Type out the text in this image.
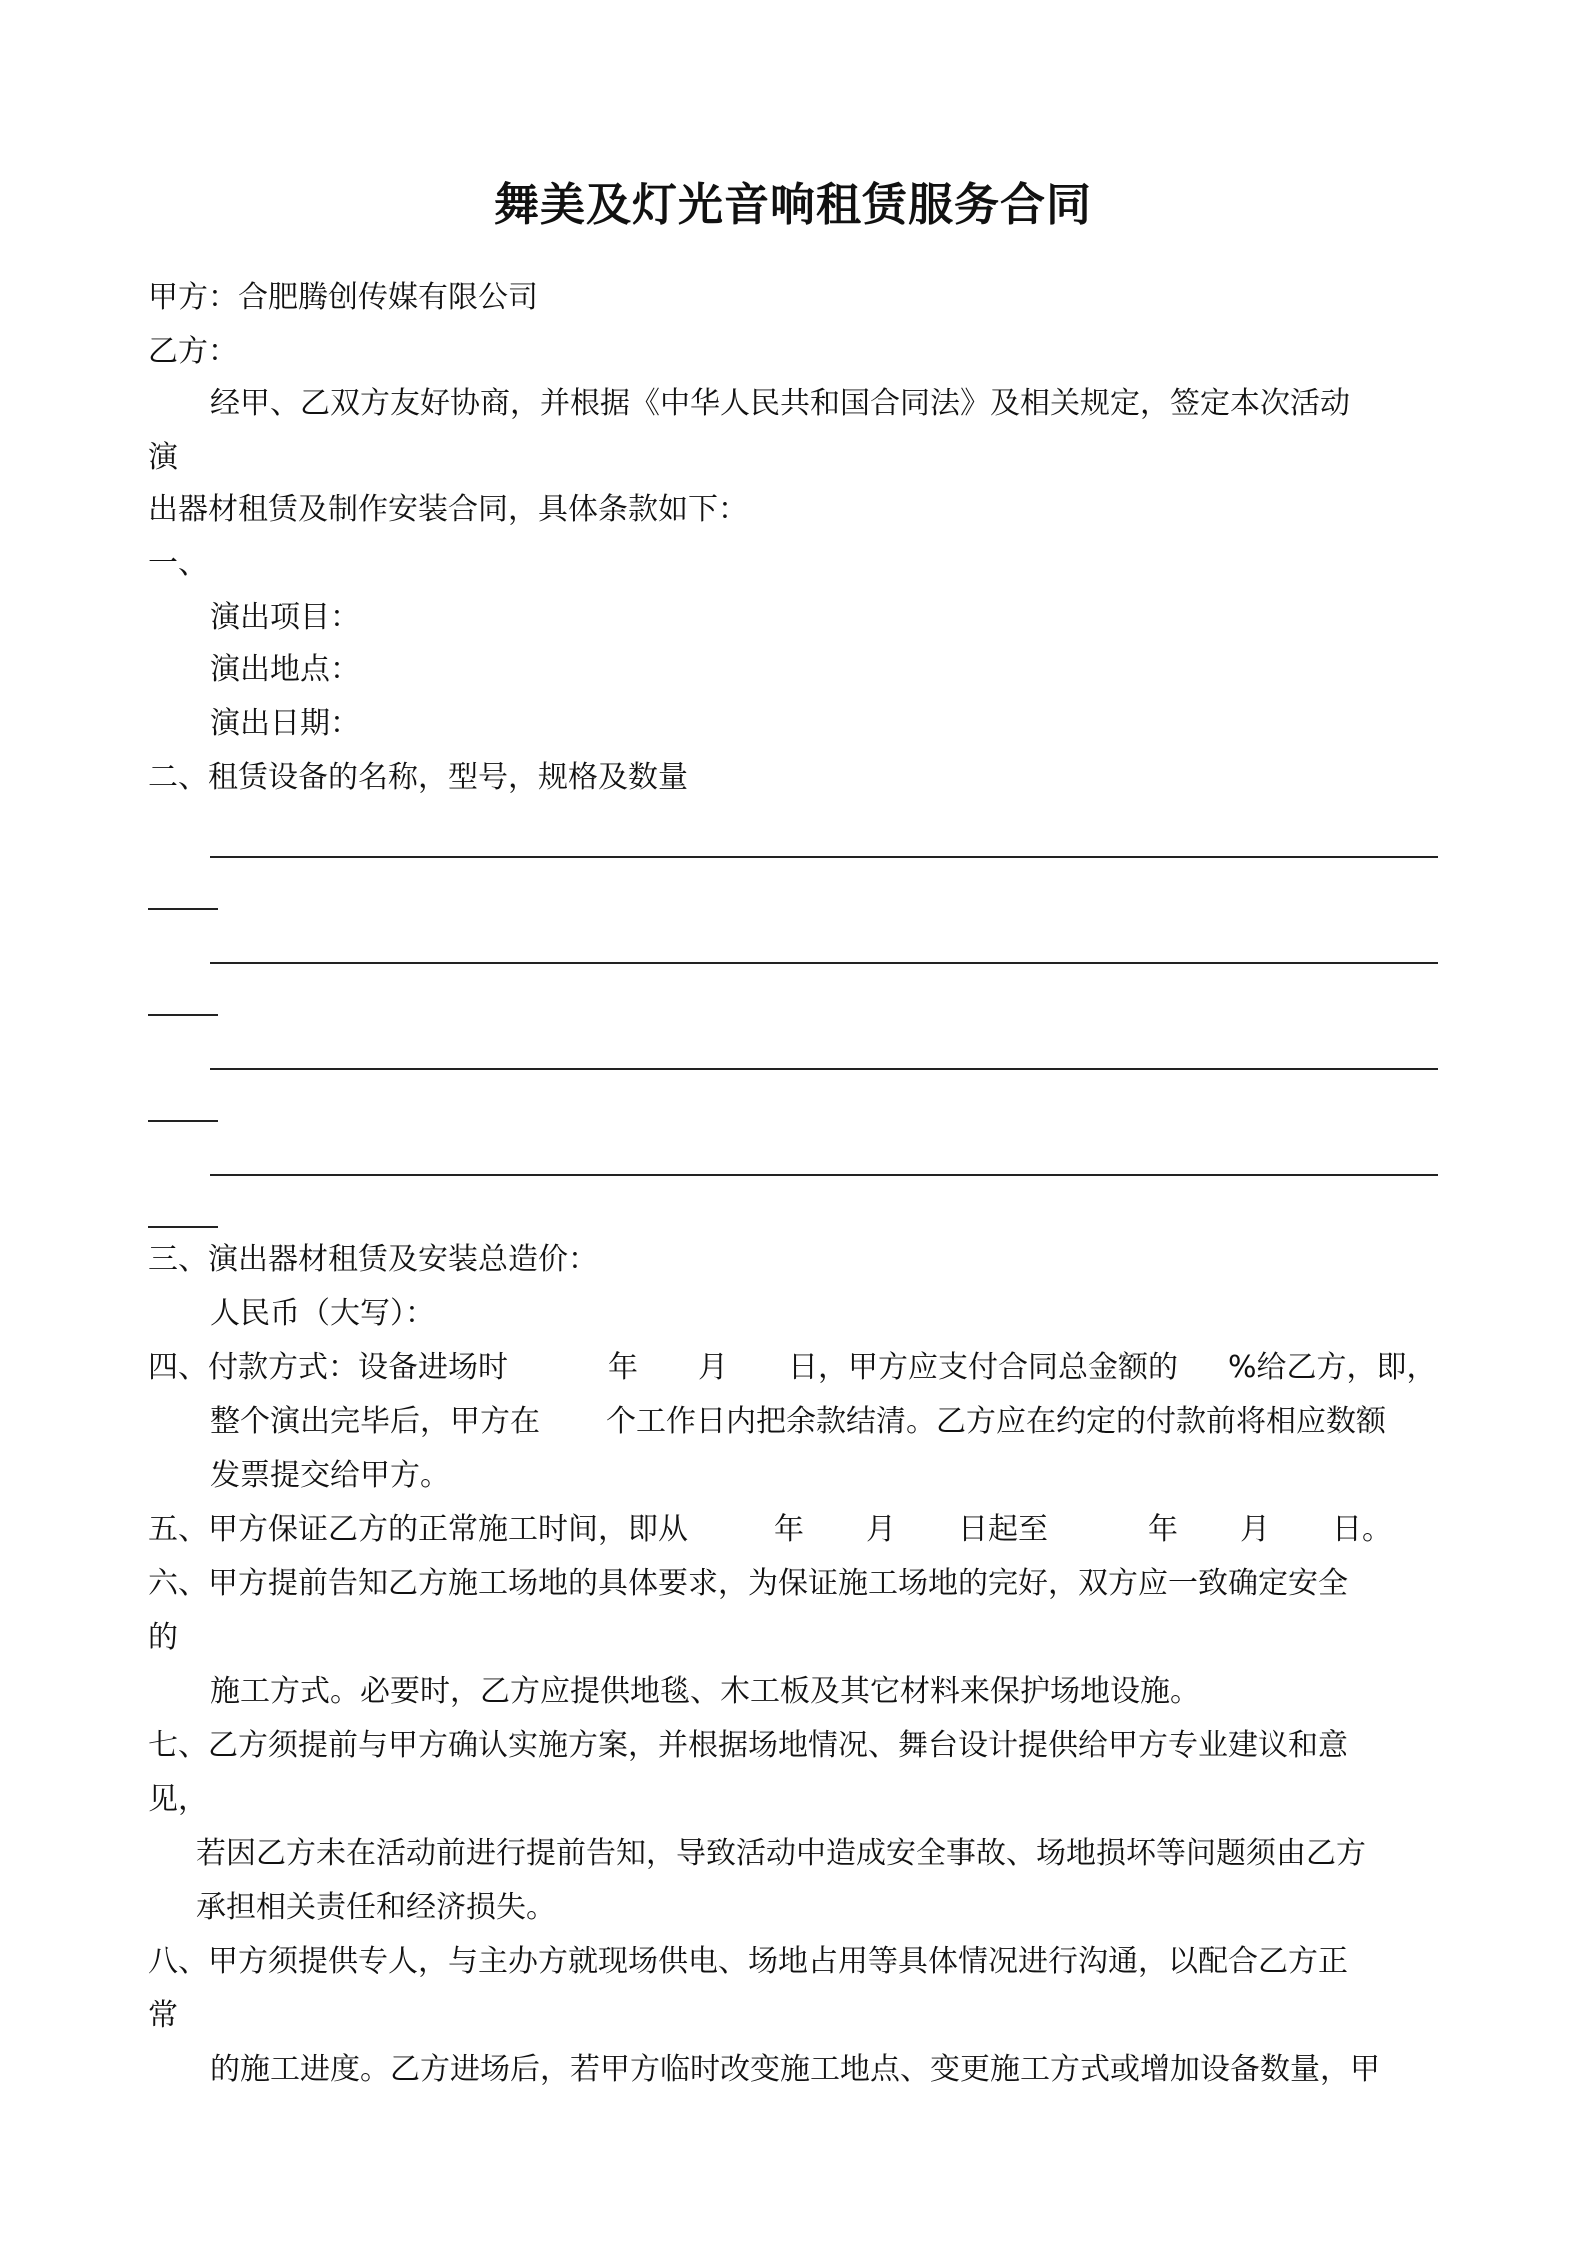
舞美及灯光音响租赁服务合同
甲方：合肥腾创传媒有限公司
乙方：
经甲、乙双方友好协商，并根据《中华人民共和国合同法》及相关规定，签定本次活动
演
出器材租赁及制作安装合同，具体条款如下：
一、
演出项目：
演出地点：
演出日期：
二、租赁设备的名称，型号，规格及数量
三、演出器材租赁及安装总造价：
人民币（大写）：
四、付款方式：设备进场时	年 月 日，甲方应支付合同总金额的 %给乙方，即，
整个演出完毕后，甲方在 个工作日内把余款结清。乙方应在约定的付款前将相应数额
发票提交给甲方。
五、甲方保证乙方的正常施工时间，即从	年 月 日起至	年 月 日。
六、甲方提前告知乙方施工场地的具体要求，为保证施工场地的完好，双方应一致确定安全
的
施工方式。必要时，乙方应提供地毯、木工板及其它材料来保护场地设施。
七、乙方须提前与甲方确认实施方案，并根据场地情况、舞台设计提供给甲方专业建议和意
见，
若因乙方未在活动前进行提前告知，导致活动中造成安全事故、场地损坏等问题须由乙方
承担相关责任和经济损失。
八、甲方须提供专人，与主办方就现场供电、场地占用等具体情况进行沟通，以配合乙方正
常
的施工进度。乙方进场后，若甲方临时改变施工地点、变更施工方式或增加设备数量，甲
